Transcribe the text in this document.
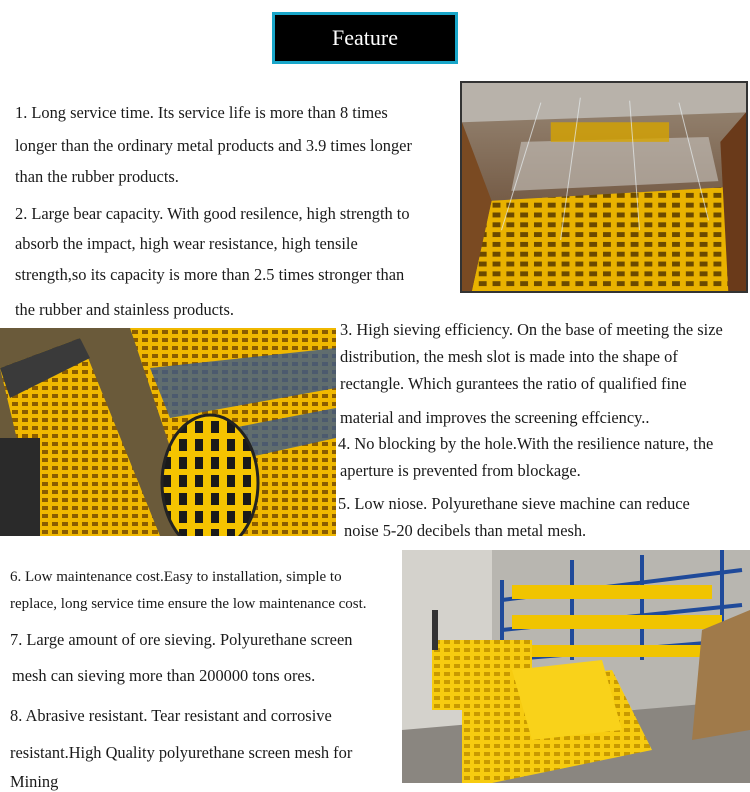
Feature
1. Long service time. Its service life is more than 8 times
longer than the ordinary metal products and 3.9 times longer
than the rubber products.
2. Large bear capacity. With good resilence, high strength to
absorb the impact, high wear resistance, high tensile
strength,so its capacity is more than 2.5 times stronger than
the rubber and stainless products.
3. High sieving efficiency. On the base of meeting the size
distribution, the mesh slot is made into the shape of
rectangle. Which gurantees the ratio of qualified fine
material and improves the screening effciency..
4. No blocking by the hole.With the resilience nature, the
aperture is prevented from blockage.
5. Low niose. Polyurethane sieve machine can reduce
noise 5-20 decibels than metal mesh.
6. Low maintenance cost.Easy to installation, simple to
replace, long service time ensure the low maintenance cost.
7. Large amount of ore sieving. Polyurethane screen
mesh can sieving more than 200000 tons ores.
8. Abrasive resistant. Tear resistant and corrosive
resistant.High Quality polyurethane screen mesh for
Mining
